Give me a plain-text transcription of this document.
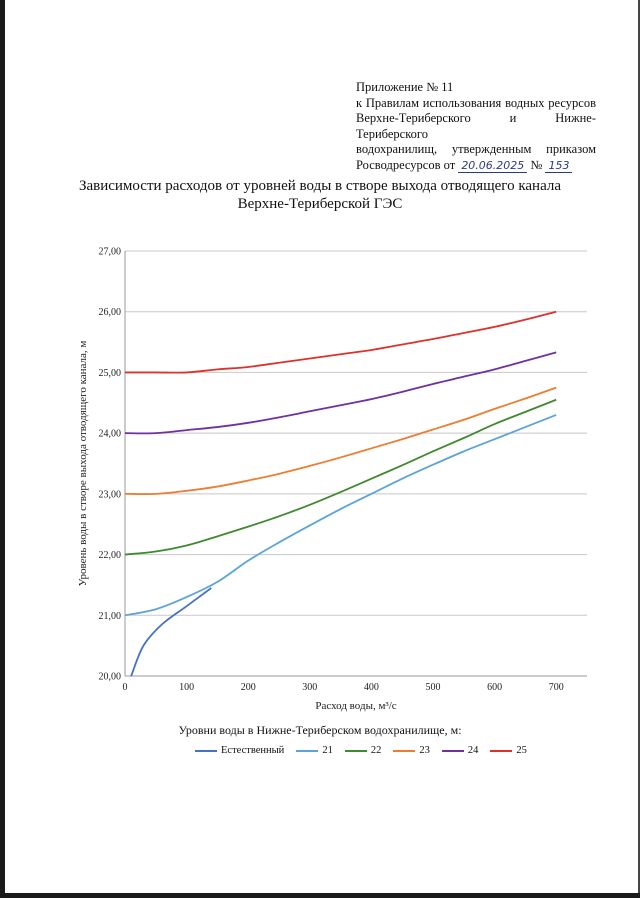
Приложение № 11
к Правилам использования водных ресурсов
Верхне-Териберского и Нижне-Териберского
водохранилищ, утвержденным приказом
Росводресурсов от 20.06.2025 № 153
Зависимости расходов от уровней воды в створе выхода отводящего канала Верхне-Териберской ГЭС
0	100	200	300	400	500	600	700
20,00
21,00
22,00
23,00
24,00
25,00
26,00
27,00
Расход воды, м³/с
Уровень воды в створе выхода отводящего канала, м
Уровни воды в Нижне-Териберском водохранилище, м:
Естественный	21	22	23	24	25
